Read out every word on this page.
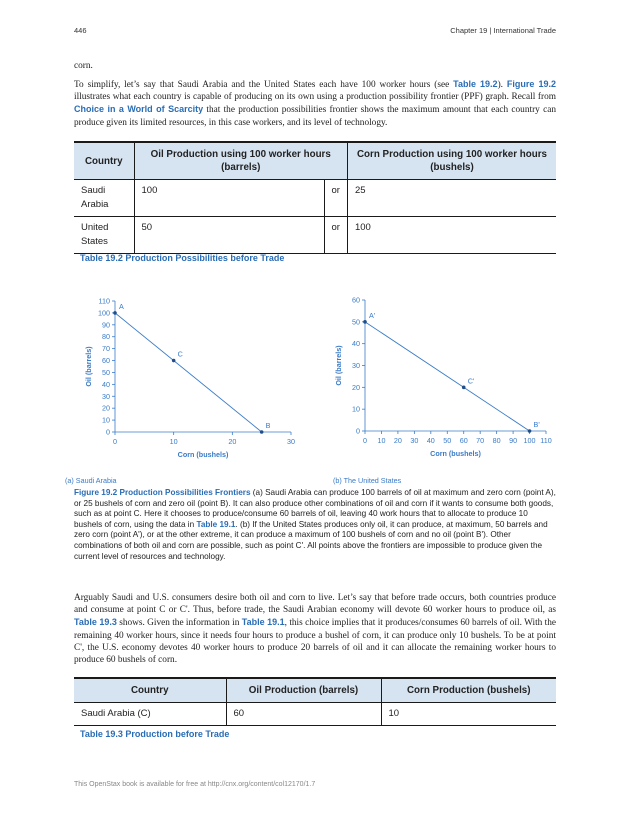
446	Chapter 19 | International Trade
corn.
To simplify, let’s say that Saudi Arabia and the United States each have 100 worker hours (see Table 19.2). Figure 19.2 illustrates what each country is capable of producing on its own using a production possibility frontier (PPF) graph. Recall from Choice in a World of Scarcity that the production possibilities frontier shows the maximum amount that each country can produce given its limited resources, in this case workers, and its level of technology.
Country	Oil Production using 100 worker hours (barrels)		Corn Production using 100 worker hours (bushels)
Saudi Arabia	100	or	25
United States	50	or	100
Table 19.2 Production Possibilities before Trade
0
10
20
30
40
50
60
70
80
90
100
110
0	10	20	30
Corn (bushels)
Oil (barrels)
A
C
B
(a) Saudi Arabia
0
10
20
30
40
50
60
0 10 20 30 40 50 60 70 80 90 100 110
Corn (bushels)
Oil (barrels)
A'
C'
B'
(b) The United States
Figure 19.2 Production Possibilities Frontiers (a) Saudi Arabia can produce 100 barrels of oil at maximum and zero corn (point A), or 25 bushels of corn and zero oil (point B). It can also produce other combinations of oil and corn if it wants to consume both goods, such as at point C. Here it chooses to produce/consume 60 barrels of oil, leaving 40 work hours that to allocate to produce 10 bushels of corn, using the data in Table 19.1. (b) If the United States produces only oil, it can produce, at maximum, 50 barrels and zero corn (point A'), or at the other extreme, it can produce a maximum of 100 bushels of corn and no oil (point B'). Other combinations of both oil and corn are possible, such as point C'. All points above the frontiers are impossible to produce given the current level of resources and technology.
Arguably Saudi and U.S. consumers desire both oil and corn to live. Let’s say that before trade occurs, both countries produce and consume at point C or C'. Thus, before trade, the Saudi Arabian economy will devote 60 worker hours to produce oil, as Table 19.3 shows. Given the information in Table 19.1, this choice implies that it produces/consumes 60 barrels of oil. With the remaining 40 worker hours, since it needs four hours to produce a bushel of corn, it can produce only 10 bushels. To be at point C', the U.S. economy devotes 40 worker hours to produce 20 barrels of oil and it can allocate the remaining worker hours to produce 60 bushels of corn.
Country	Oil Production (barrels)	Corn Production (bushels)
Saudi Arabia (C)	60	10
Table 19.3 Production before Trade
This OpenStax book is available for free at http://cnx.org/content/col12170/1.7
